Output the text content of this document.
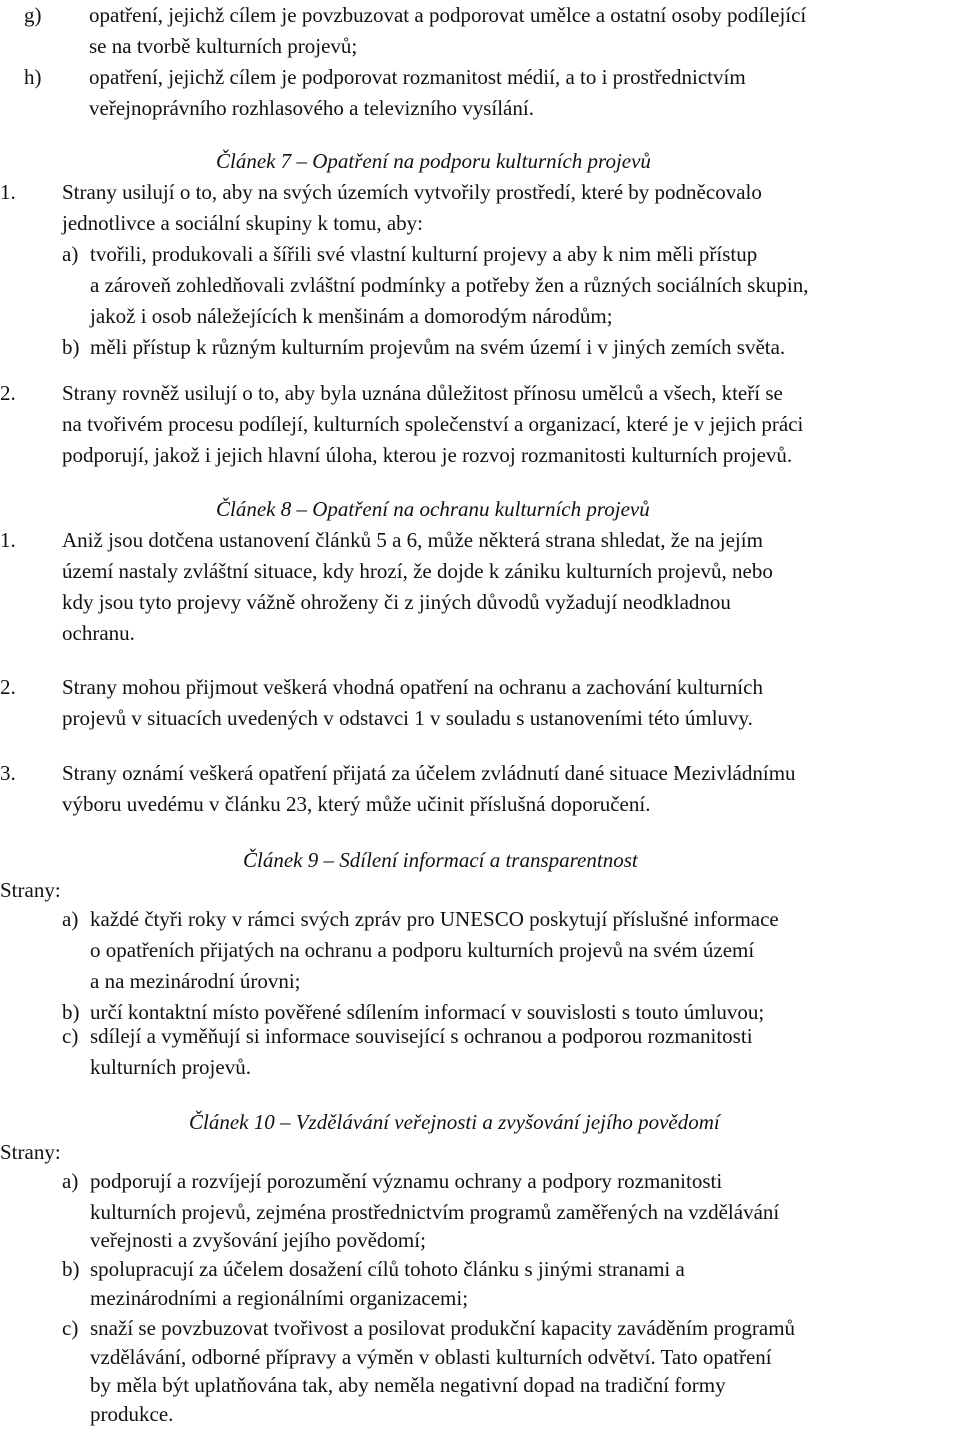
g) opatření, jejichž cílem je povzbuzovat a podporovat umělce a ostatní osoby podílející
se na tvorbě kulturních projevů;
h) opatření, jejichž cílem je podporovat rozmanitost médií, a to i prostřednictvím
veřejnoprávního rozhlasového a televizního vysílání.
Článek 7 – Opatření na podporu kulturních projevů
1. Strany usilují o to, aby na svých územích vytvořily prostředí, které by podněcovalo
jednotlivce a sociální skupiny k tomu, aby:
a) tvořili, produkovali a šířili své vlastní kulturní projevy a aby k nim měli přístup
a zároveň zohledňovali zvláštní podmínky a potřeby žen a různých sociálních skupin,
jakož i osob náležejících k menšinám a domorodým národům;
b) měli přístup k různým kulturním projevům na svém území i v jiných zemích světa.
2. Strany rovněž usilují o to, aby byla uznána důležitost přínosu umělců a všech, kteří se
na tvořivém procesu podílejí, kulturních společenství a organizací, které je v jejich práci
podporují, jakož i jejich hlavní úloha, kterou je rozvoj rozmanitosti kulturních projevů.
Článek 8 – Opatření na ochranu kulturních projevů
1. Aniž jsou dotčena ustanovení článků 5 a 6, může některá strana shledat, že na jejím
území nastaly zvláštní situace, kdy hrozí, že dojde k zániku kulturních projevů, nebo
kdy jsou tyto projevy vážně ohroženy či z jiných důvodů vyžadují neodkladnou
ochranu.
2. Strany mohou přijmout veškerá vhodná opatření na ochranu a zachování kulturních
projevů v situacích uvedených v odstavci 1 v souladu s ustanoveními této úmluvy.
3. Strany oznámí veškerá opatření přijatá za účelem zvládnutí dané situace Mezivládnímu
výboru uvedému v článku 23, který může učinit příslušná doporučení.
Článek 9 – Sdílení informací a transparentnost
Strany:
a) každé čtyři roky v rámci svých zpráv pro UNESCO poskytují příslušné informace
o opatřeních přijatých na ochranu a podporu kulturních projevů na svém území
a na mezinárodní úrovni;
b) určí kontaktní místo pověřené sdílením informací v souvislosti s touto úmluvou;
c) sdílejí a vyměňují si informace související s ochranou a podporou rozmanitosti
kulturních projevů.
Článek 10 – Vzdělávání veřejnosti a zvyšování jejího povědomí
Strany:
a) podporují a rozvíjejí porozumění významu ochrany a podpory rozmanitosti
kulturních projevů, zejména prostřednictvím programů zaměřených na vzdělávání
veřejnosti a zvyšování jejího povědomí;
b) spolupracují za účelem dosažení cílů tohoto článku s jinými stranami a
mezinárodními a regionálními organizacemi;
c) snaží se povzbuzovat tvořivost a posilovat produkční kapacity zaváděním programů
vzdělávání, odborné přípravy a výměn v oblasti kulturních odvětví. Tato opatření
by měla být uplatňována tak, aby neměla negativní dopad na tradiční formy
produkce.
